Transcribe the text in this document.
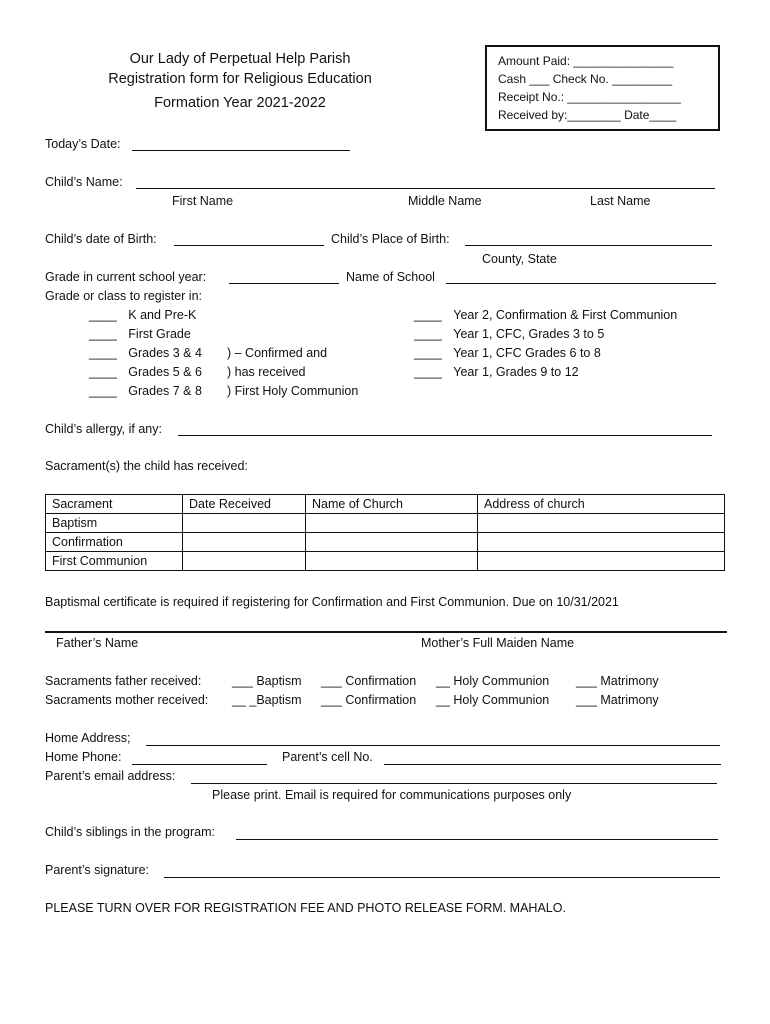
Our Lady of Perpetual Help Parish
Registration form for Religious Education
Formation Year 2021-2022
Amount Paid: _______________
Cash ___ Check No. _________
Receipt No.: _________________
Received by:________ Date____
Today’s Date:
Child’s Name:
First Name	Middle Name	Last Name
Child’s date of Birth:	Child’s Place of Birth:
County, State
Grade in current school year:	Name of School
Grade or class to register in:
____ K and Pre-K
____ First Grade
____ Grades 3 & 4
____ Grades 5 & 6
____ Grades 7 & 8
) – Confirmed and
) has received
) First Holy Communion
____ Year 2, Confirmation & First Communion
____ Year 1, CFC, Grades 3 to 5
____ Year 1, CFC Grades 6 to 8
____ Year 1, Grades 9 to 12
Child’s allergy, if any:
Sacrament(s) the child has received:
Sacrament	Date Received	Name of Church	Address of church
Baptism			
Confirmation			
First Communion			
Baptismal certificate is required if registering for Confirmation and First Communion. Due on 10/31/2021
Father’s Name	Mother’s Full Maiden Name
Sacraments father received: ___ Baptism ___ Confirmation __ Holy Communion ___ Matrimony
Sacraments mother received: __ _Baptism ___ Confirmation __ Holy Communion ___ Matrimony
Home Address;
Home Phone:	Parent’s cell No.
Parent’s email address:
Please print. Email is required for communications purposes only
Child’s siblings in the program:
Parent’s signature:
PLEASE TURN OVER FOR REGISTRATION FEE AND PHOTO RELEASE FORM. MAHALO.
